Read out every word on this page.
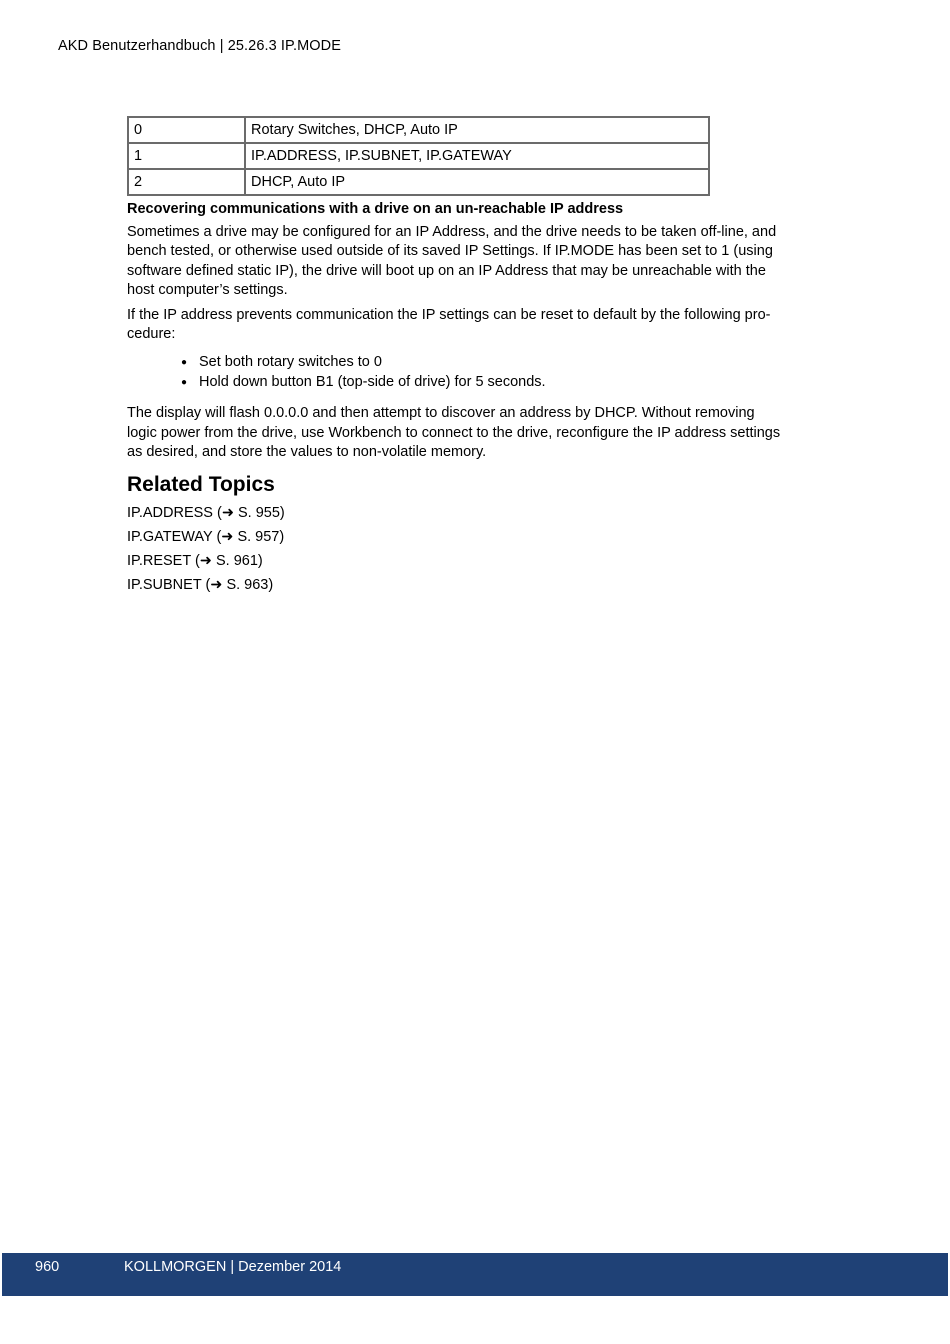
AKD Benutzerhandbuch | 25.26.3 IP.MODE
0	Rotary Switches, DHCP, Auto IP
1	IP.ADDRESS, IP.SUBNET, IP.GATEWAY
2	DHCP, Auto IP
Recovering communications with a drive on an un-reachable IP address

Sometimes a drive may be configured for an IP Address, and the drive needs to be taken off-line, and
bench tested, or otherwise used outside of its saved IP Settings. If IP.MODE has been set to 1 (using
software defined static IP), the drive will boot up on an IP Address that may be unreachable with the
host computer’s settings.

If the IP address prevents communication the IP settings can be reset to default by the following pro-
cedure:

● Set both rotary switches to 0
● Hold down button B1 (top-side of drive) for 5 seconds.

The display will flash 0.0.0.0 and then attempt to discover an address by DHCP. Without removing
logic power from the drive, use Workbench to connect to the drive, reconfigure the IP address settings
as desired, and store the values to non-volatile memory.

Related Topics
IP.ADDRESS (➜ S. 955)
IP.GATEWAY (➜ S. 957)
IP.RESET (➜ S. 961)
IP.SUBNET (➜ S. 963)
960	KOLLMORGEN | Dezember 2014
